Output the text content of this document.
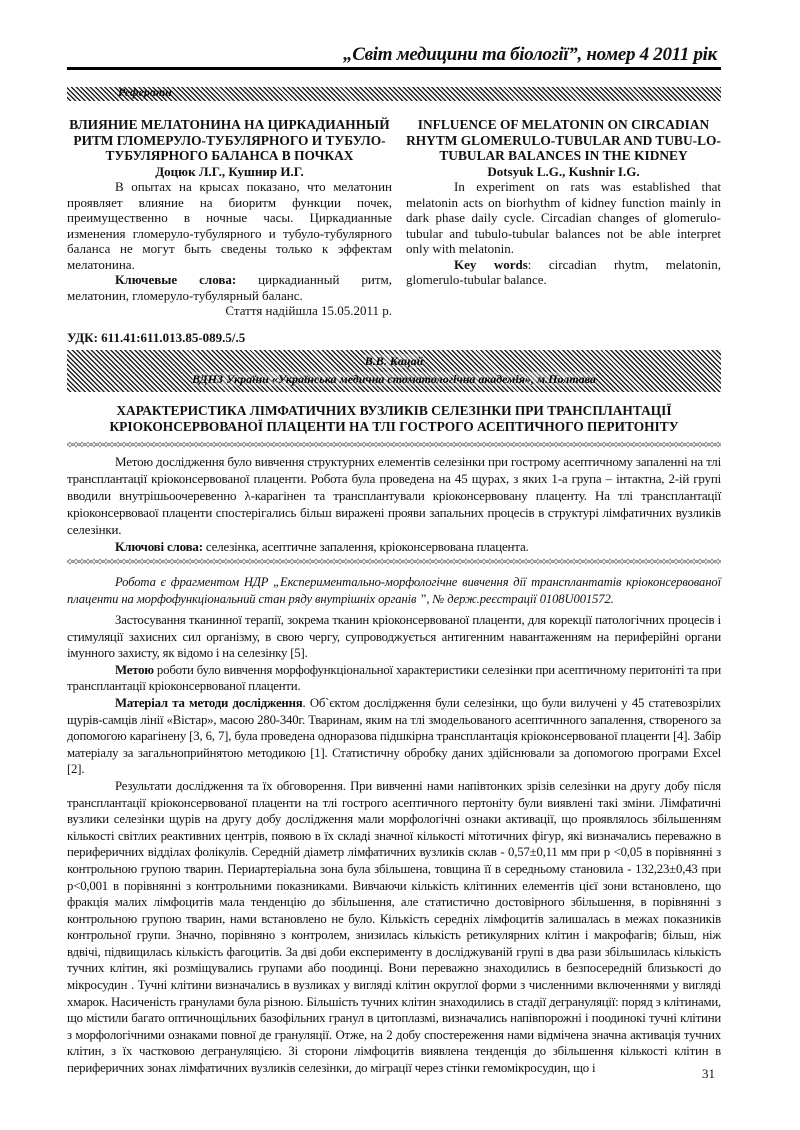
„Світ медицини та біології”, номер 4 2011 рік
Реферати
ВЛИЯНИЕ МЕЛАТОНИНА НА ЦИРКАДИАННЫЙ РИТМ ГЛОМЕРУЛО-ТУБУЛЯРНОГО И ТУБУЛО-ТУБУЛЯРНОГО БАЛАНСА В ПОЧКАХ
Доцюк Л.Г., Кушнир И.Г.

В опытах на крысах показано, что мелатонин проявляет влияние на биоритм функции почек, преимущественно в ночные часы. Циркадианные изменения гломеруло-тубулярного и тубуло-тубулярного баланса не могут быть сведены только к эффектам мелатонина.

Ключевые слова: циркадианный ритм, мелатонин, гломеруло-тубулярный баланс.

Стаття надійшла 15.05.2011 р.

INFLUENCE OF MELATONIN ON CIRCADIAN RHYTM GLOMERULO-TUBULAR AND TUBU-LO-TUBULAR BALANCES IN THE KIDNEY
Dotsyuk L.G., Kushnir I.G.

In experiment on rats was established that melatonin acts on biorhythm of kidney function mainly in dark phase daily cycle. Circadian changes of glomerulo-tubular and tubulo-tubular balances not be able interpret only with melatonin.

Key words: circadian rhytm, melatonin, glomerulo-tubular balance.

УДК: 611.41:611.013.85-089.5/.5
В.В. Кацай
ВДНЗ України «Українська медична стоматологічна академія», м.Полтава
ХАРАКТЕРИСТИКА ЛІМФАТИЧНИХ ВУЗЛИКІВ СЕЛЕЗІНКИ ПРИ ТРАНСПЛАНТАЦІЇ КРІОКОНСЕРВОВАНОЇ ПЛАЦЕНТИ НА ТЛІ ГОСТРОГО АСЕПТИЧНОГО ПЕРИТОНІТУ

Метою дослідження було вивчення структурних елементів селезінки при гострому асептичному запаленні на тлі трансплантації кріоконсервованої плаценти. Робота була проведена на 45 щурах, з яких 1-а група – інтактна, 2-ій групі вводили внутрішьоочеревенно λ-карагінен та трансплантували кріоконсервовану плаценту. На тлі трансплантації кріоконсервоваої плаценти спостерігались більш виражені прояви запальних процесів в структурі лімфатичних вузликів селезінки.

Ключові слова: селезінка, асептичне запалення, кріоконсервована плацента.

Робота є фрагментом НДР „Експериментально-морфологічне вивчення дії трансплантатів кріоконсервованої плаценти на морфофункціональний стан ряду внутрішніх органів ”, № держ.реєстрації 0108U001572.

Застосування тканинної терапії, зокрема тканин кріоконсервованої плаценти, для корекції патологічних процесів і стимуляції захисних сил організму, в свою чергу, супроводжується антигенним навантаженням на периферійні органи імунного захисту, як відомо і на селезінку [5].

Метою роботи було вивчення морфофункціональної характеристики селезінки при асептичному перитоніті та при трансплантації кріоконсервованої плаценти.

Матеріал та методи дослідження. Об`єктом дослідження були селезінки, що були вилучені у 45 статевозрілих щурів-самців лінії «Вістар», масою 280-340г. Тваринам, яким на тлі змодельованого асептичнного запалення, створеного за допомогою карагінену [3, 6, 7], була проведена одноразова підшкірна трансплантація кріоконсервованої плаценти [4]. Забір матеріалу за загальноприйнятою методикою [1]. Статистичну обробку даних здійснювали за допомогою програми Excel [2].

Результати дослідження та їх обговорення. При вивченні нами напівтонких зрізів селезінки на другу добу після трансплантації кріоконсервованої плаценти на тлі гострого асептичного пертоніту були виявлені такі зміни. Лімфатичні вузлики селезінки щурів на другу добу дослідження мали морфологічні ознаки активації, що проявлялось збільшенням кількості світлих реактивних центрів, появою в їх складі значної кількості мітотичних фігур, які визначались переважно в периферичних відділах фолікулів. Середній діаметр лімфатичних вузликів склав - 0,57±0,11 мм при р <0,05 в порівнянні з контрольною групою тварин. Периартеріальна зона була збільшена, товщина її в середньому становила - 132,23±0,43 при p<0,001 в порівнянні з контрольними показниками. Вивчаючи кількість клітинних елементів цієї зони встановлено, що фракція малих лімфоцитів мала тенденцію до збільшення, але статистично достовірного збільшення, в порівнянні з контрольною групою тварин, нами встановлено не було. Кількість середніх лімфоцитів залишалась в межах показників контрольної групи. Значно, порівняно з контролем, знизилась кількість ретикулярних клітин і макрофагів; більш, ніж вдвічі, підвищилась кількість фагоцитів. За дві доби експерименту в досліджуваній групі в два рази збільшилась кількість тучних клітин, які розміщувались групами або поодинці. Вони переважно знаходились в безпосередній близькості до мікросудин . Тучні клітини визначались в вузликах у вигляді клітин округлої форми з численними включеннями у вигляді хмарок. Насиченість гранулами була різною. Більшість тучних клітин знаходились в стадії дегрануляції: поряд з клітинами, що містили багато оптичнощільних базофільних гранул в цитоплазмі, визначались напівпорожні і поодинокі тучні клітини з морфологічними ознаками повної де грануляції. Отже, на 2 добу спостереження нами відмічена значна активація тучних клітин, з їх частковою дегрануляцією. Зі сторони лімфоцитів виявлена тенденція до збільшення кількості клітин в периферичних зонах лімфатичних вузликів селезінки, до міграції через стінки гемомікросудин, що і	31
